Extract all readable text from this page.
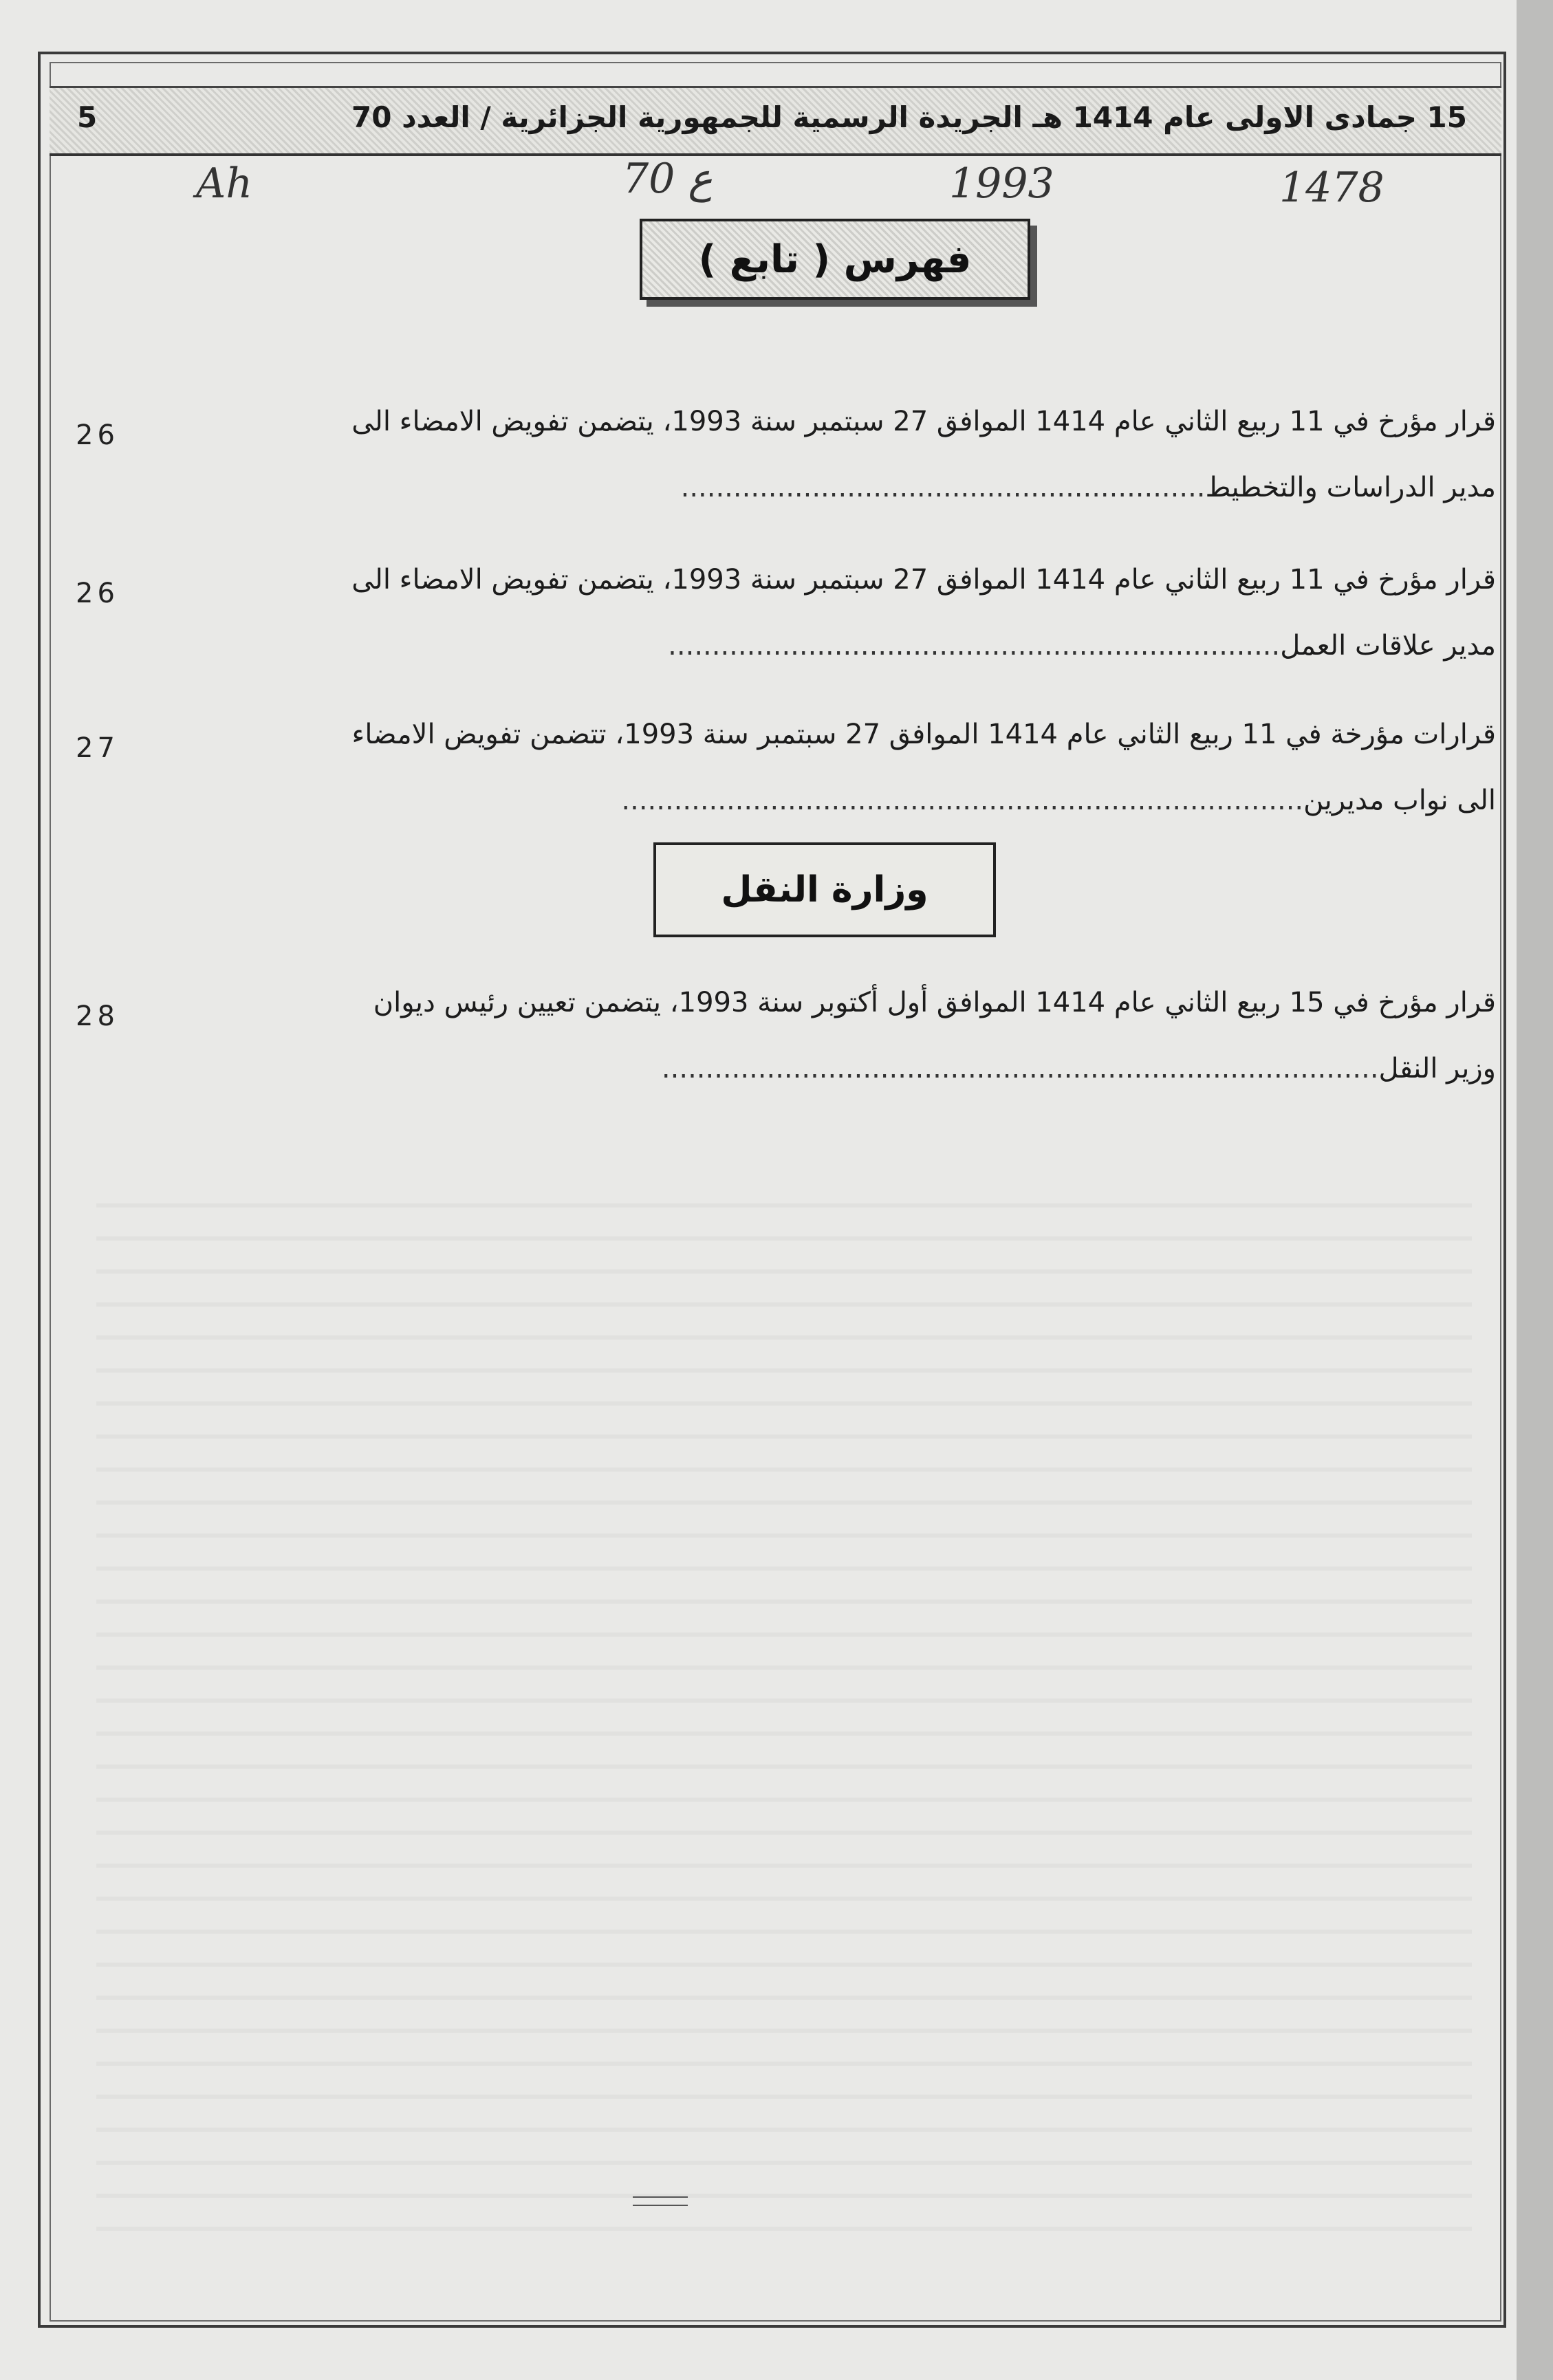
15 جمادى الاولى عام 1414 هـ الجريدة الرسمية للجمهورية الجزائرية / العدد 70
5
Ah	70 ع	1993	1478
فهرس ( تابع )
قرار مؤرخ في 11 ربيع الثاني عام 1414 الموافق 27 سبتمبر سنة 1993، يتضمن تفويض الامضاء الى
مدير الدراسات والتخطيط............................................................
26
قرار مؤرخ في 11 ربيع الثاني عام 1414 الموافق 27 سبتمبر سنة 1993، يتضمن تفويض الامضاء الى
مدير علاقات العمل......................................................................
26
قرارات مؤرخة في 11 ربيع الثاني عام 1414 الموافق 27 سبتمبر سنة 1993، تتضمن تفويض الامضاء
الى نواب مديرين..............................................................................
27
وزارة النقل
قرار مؤرخ في 15 ربيع الثاني عام 1414 الموافق أول أكتوبر سنة 1993، يتضمن تعيين رئيس ديوان
وزير النقل..................................................................................
28
